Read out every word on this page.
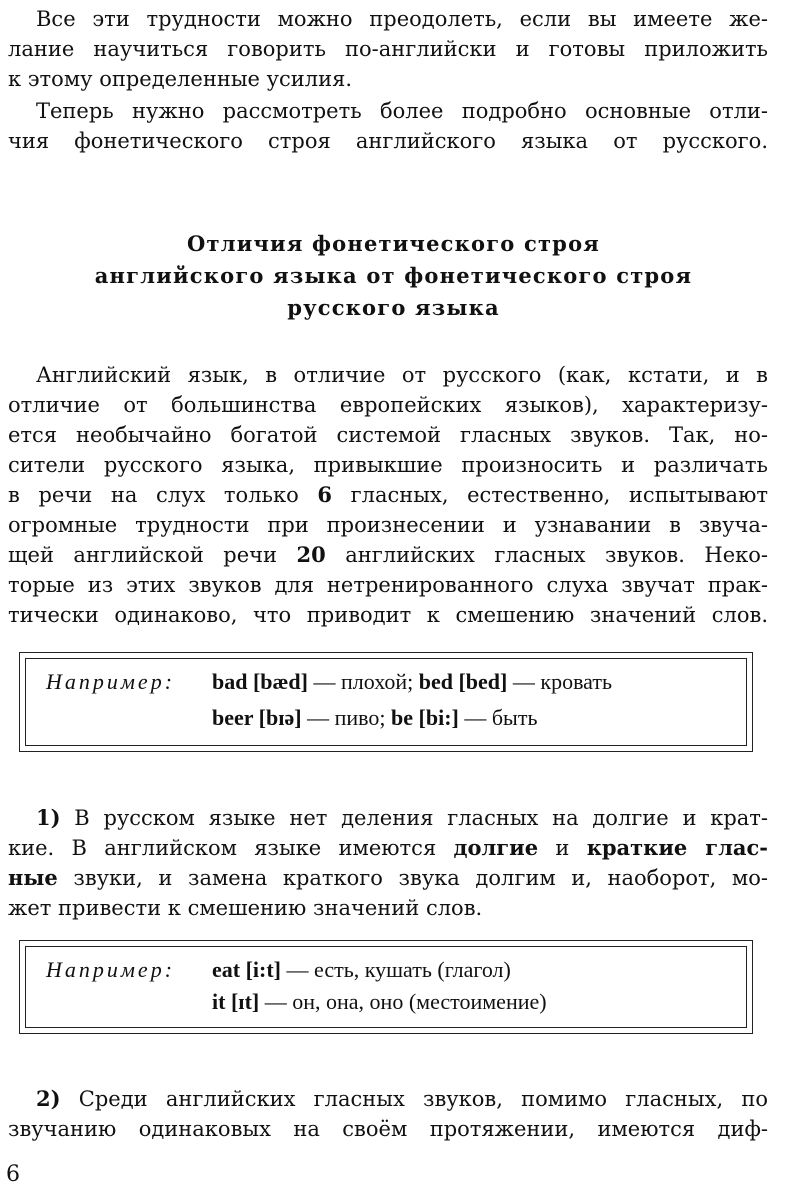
Все эти трудности можно преодолеть, если вы имеете же-
лание научиться говорить по-английски и готовы приложить
к этому определенные усилия.
Теперь нужно рассмотреть более подробно основные отли-
чия фонетического строя английского языка от русского.
Отличия фонетического строя
английского языка от фонетического строя
русского языка
Английский язык, в отличие от русского (как, кстати, и в
отличие от большинства европейских языков), характеризу-
ется необычайно богатой системой гласных звуков. Так, но-
сители русского языка, привыкшие произносить и различать
в речи на слух только 6 гласных, естественно, испытывают
огромные трудности при произнесении и узнавании в звуча-
щей английской речи 20 английских гласных звуков. Неко-
торые из этих звуков для нетренированного слуха звучат прак-
тически одинаково, что приводит к смешению значений слов.
Например: bad [bæd] — плохой; bed [bed] — кровать
beer [bɪə] — пиво; be [bi:] — быть
1) В русском языке нет деления гласных на долгие и крат-
кие. В английском языке имеются долгие и краткие глас-
ные звуки, и замена краткого звука долгим и, наоборот, мо-
жет привести к смешению значений слов.
Например: eat [i:t] — есть, кушать (глагол)
it [ɪt] — он, она, оно (местоимение)
2) Среди английских гласных звуков, помимо гласных, по
звучанию одинаковых на своём протяжении, имеются диф-
6
